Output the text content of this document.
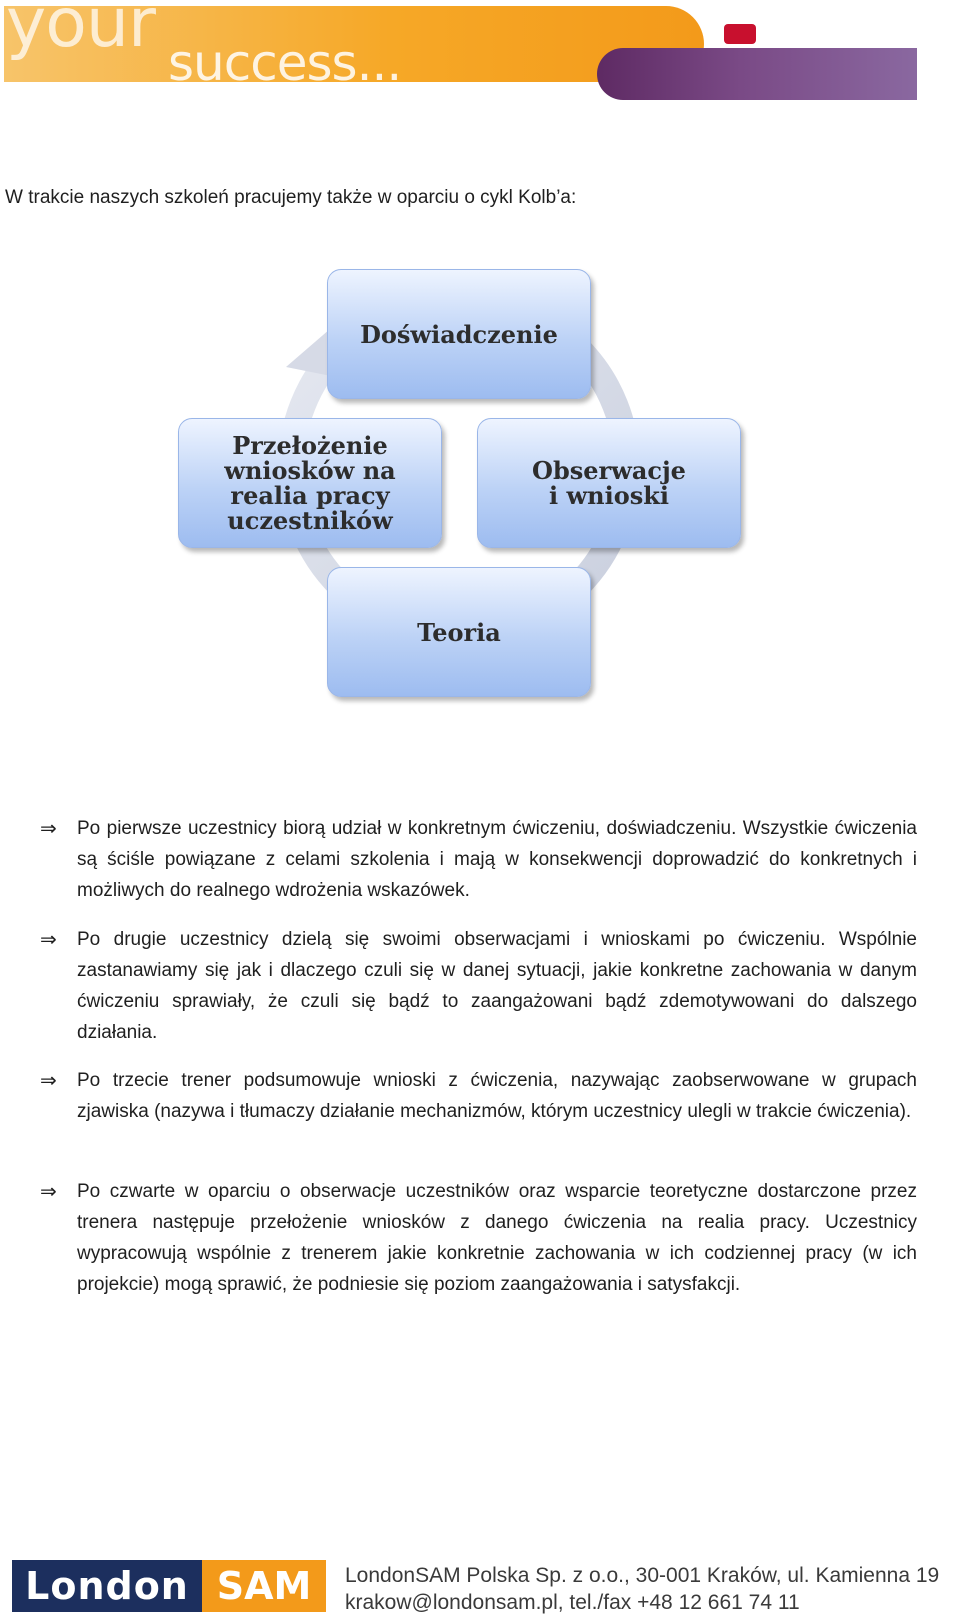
your success...
W trakcie naszych szkoleń pracujemy także w oparciu o cykl Kolb’a:
Doświadczenie
Obserwacje
i wnioski
Teoria
Przełożenie
wniosków na
realia pracy
uczestników
⇒ Po pierwsze uczestnicy biorą udział w konkretnym ćwiczeniu, doświadczeniu. Wszystkie ćwiczenia są ściśle powiązane z celami szkolenia i mają w konsekwencji doprowadzić do konkretnych i możliwych do realnego wdrożenia wskazówek.
⇒ Po drugie uczestnicy dzielą się swoimi obserwacjami i wnioskami po ćwiczeniu. Wspólnie zastanawiamy się jak i dlaczego czuli się w danej sytuacji, jakie konkretne zachowania w danym ćwiczeniu sprawiały, że czuli się bądź to zaangażowani bądź zdemotywowani do dalszego działania.
⇒ Po trzecie trener podsumowuje wnioski z ćwiczenia, nazywając zaobserwowane w grupach zjawiska (nazywa i tłumaczy działanie mechanizmów, którym uczestnicy ulegli w trakcie ćwiczenia).
⇒ Po czwarte w oparciu o obserwacje uczestników oraz wsparcie teoretyczne dostarczone przez trenera następuje przełożenie wniosków z danego ćwiczenia na realia pracy. Uczestnicy wypracowują wspólnie z trenerem jakie konkretnie zachowania w ich codziennej pracy (w ich projekcie) mogą sprawić, że podniesie się poziom zaangażowania i satysfakcji.
London SAM	LondonSAM Polska Sp. z o.o., 30-001 Kraków, ul. Kamienna 19
krakow@londonsam.pl, tel./fax +48 12 661 74 11
